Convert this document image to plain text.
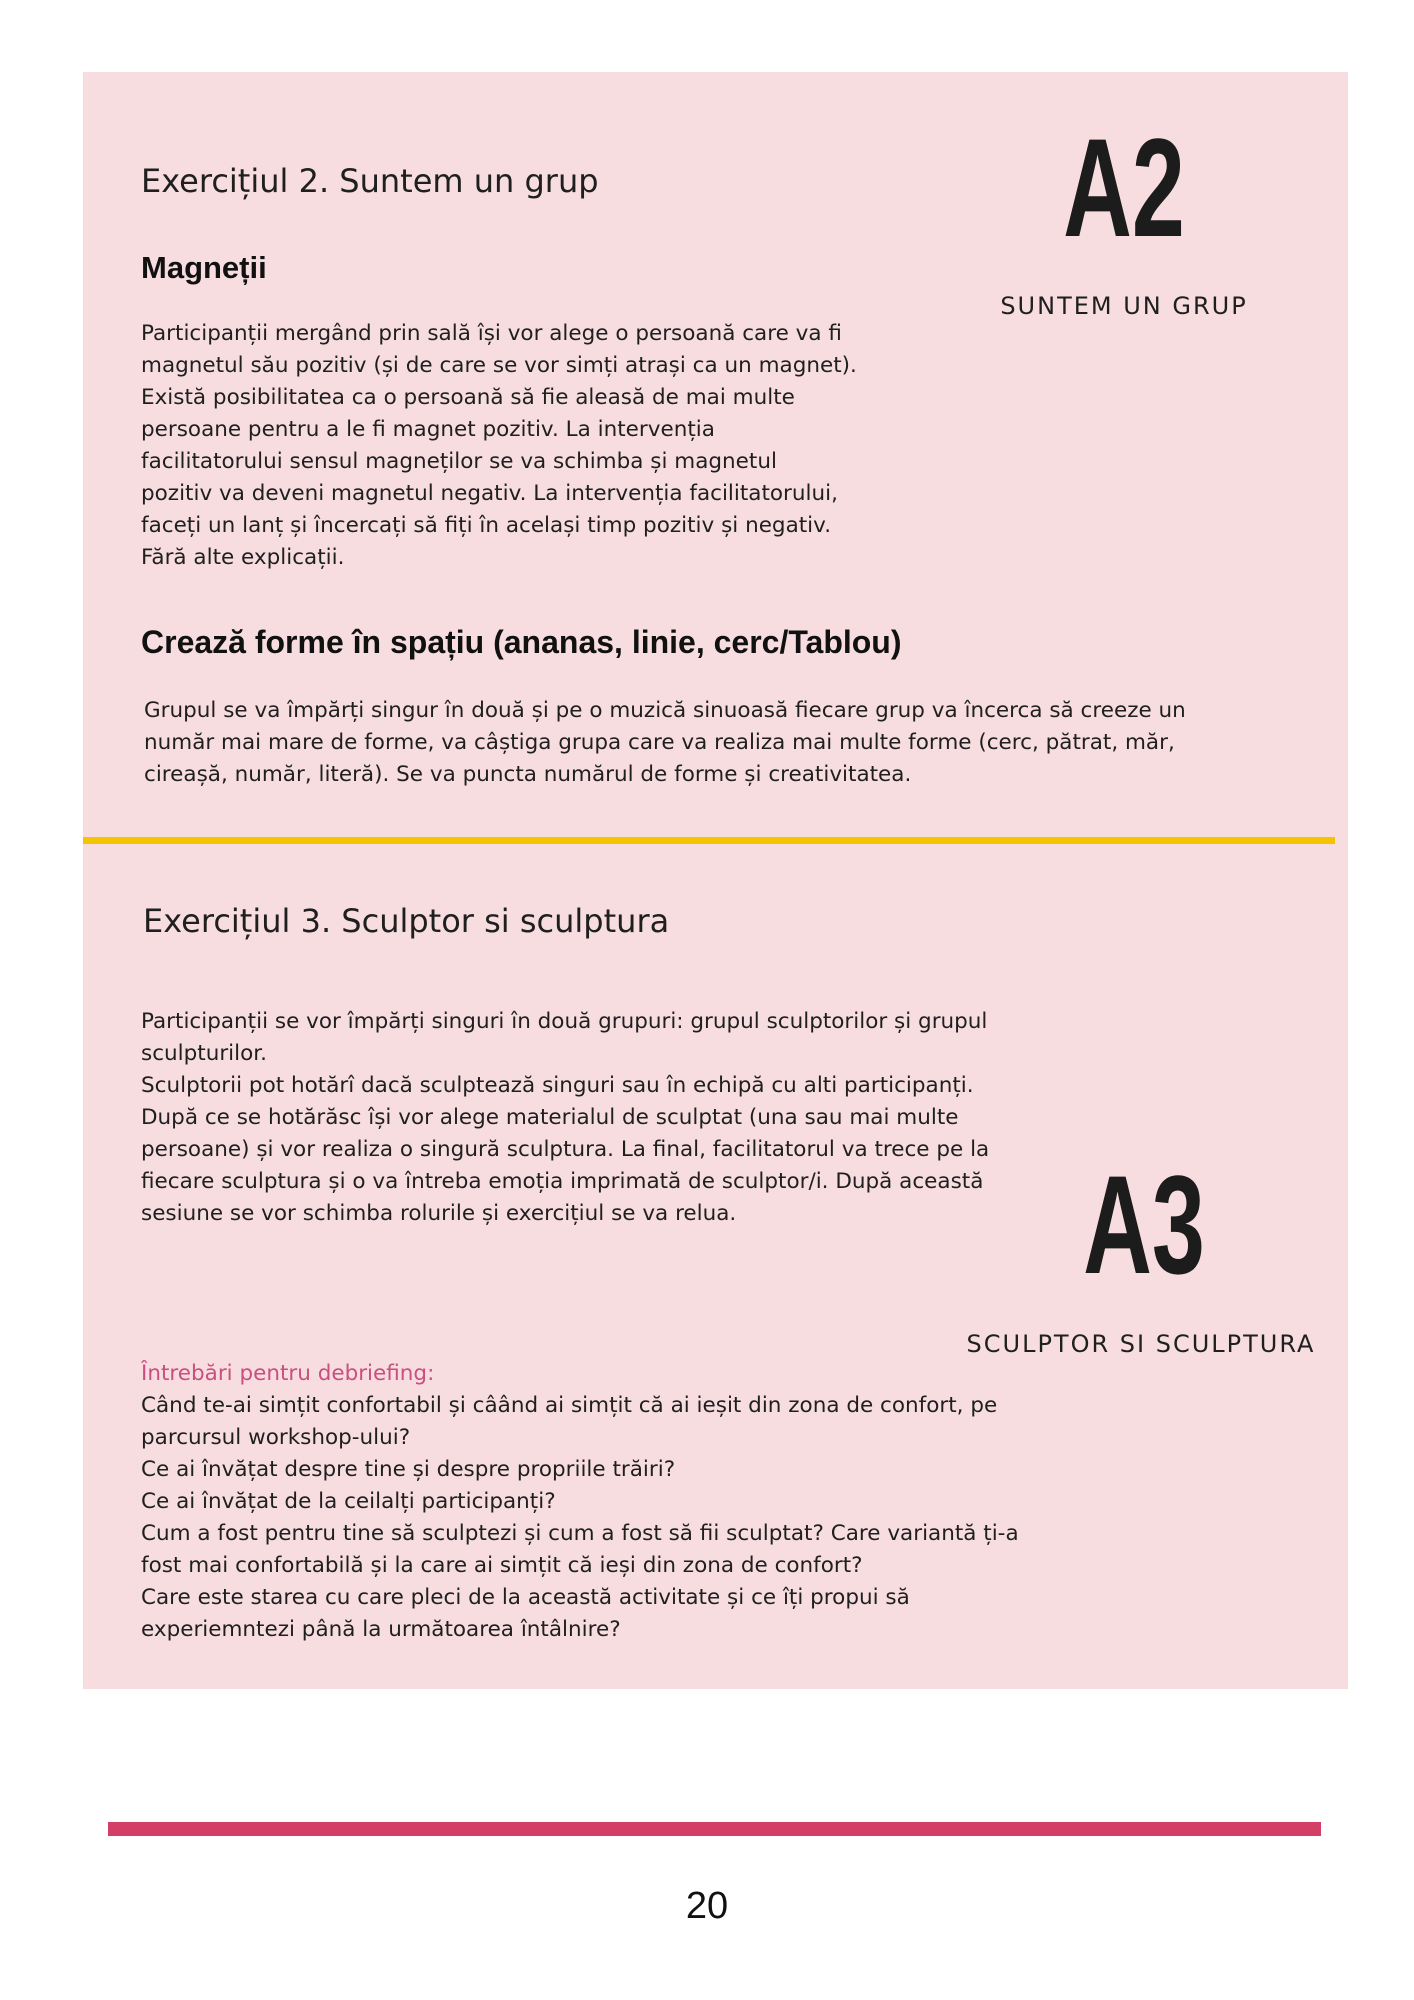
Exercițiul 2. Suntem un grup	A2
SUNTEM UN GRUP
Magneții
Participanții mergând prin sală își vor alege o persoană care va fi
magnetul său pozitiv (și de care se vor simți atrași ca un magnet).
Există posibilitatea ca o persoană să fie aleasă de mai multe
persoane pentru a le fi magnet pozitiv. La intervenția
facilitatorului sensul magneților se va schimba și magnetul
pozitiv va deveni magnetul negativ. La intervenția facilitatorului,
faceți un lanț și încercați să fiți în același timp pozitiv și negativ.
Fără alte explicații.
Crează forme în spațiu (ananas, linie, cerc/Tablou)
Grupul se va împărți singur în două și pe o muzică sinuoasă fiecare grup va încerca să creeze un
număr mai mare de forme, va câștiga grupa care va realiza mai multe forme (cerc, pătrat, măr,
cireașă, număr, literă). Se va puncta numărul de forme și creativitatea.
Exercițiul 3. Sculptor si sculptura
Participanții se vor împărți singuri în două grupuri: grupul sculptorilor și grupul
sculpturilor.
Sculptorii pot hotărî dacă sculptează singuri sau în echipă cu alti participanți.
După ce se hotărăsc își vor alege materialul de sculptat (una sau mai multe
persoane) și vor realiza o singură sculptura. La final, facilitatorul va trece pe la
fiecare sculptura și o va întreba emoția imprimată de sculptor/i. După această
sesiune se vor schimba rolurile și exercițiul se va relua.	A3
SCULPTOR SI SCULPTURA
Întrebări pentru debriefing:
Când te-ai simțit confortabil și câând ai simțit că ai ieșit din zona de confort, pe
parcursul workshop-ului?
Ce ai învățat despre tine și despre propriile trăiri?
Ce ai învățat de la ceilalți participanți?
Cum a fost pentru tine să sculptezi și cum a fost să fii sculptat? Care variantă ți-a
fost mai confortabilă și la care ai simțit că ieși din zona de confort?
Care este starea cu care pleci de la această activitate și ce îți propui să
experiemntezi până la următoarea întâlnire?
20
